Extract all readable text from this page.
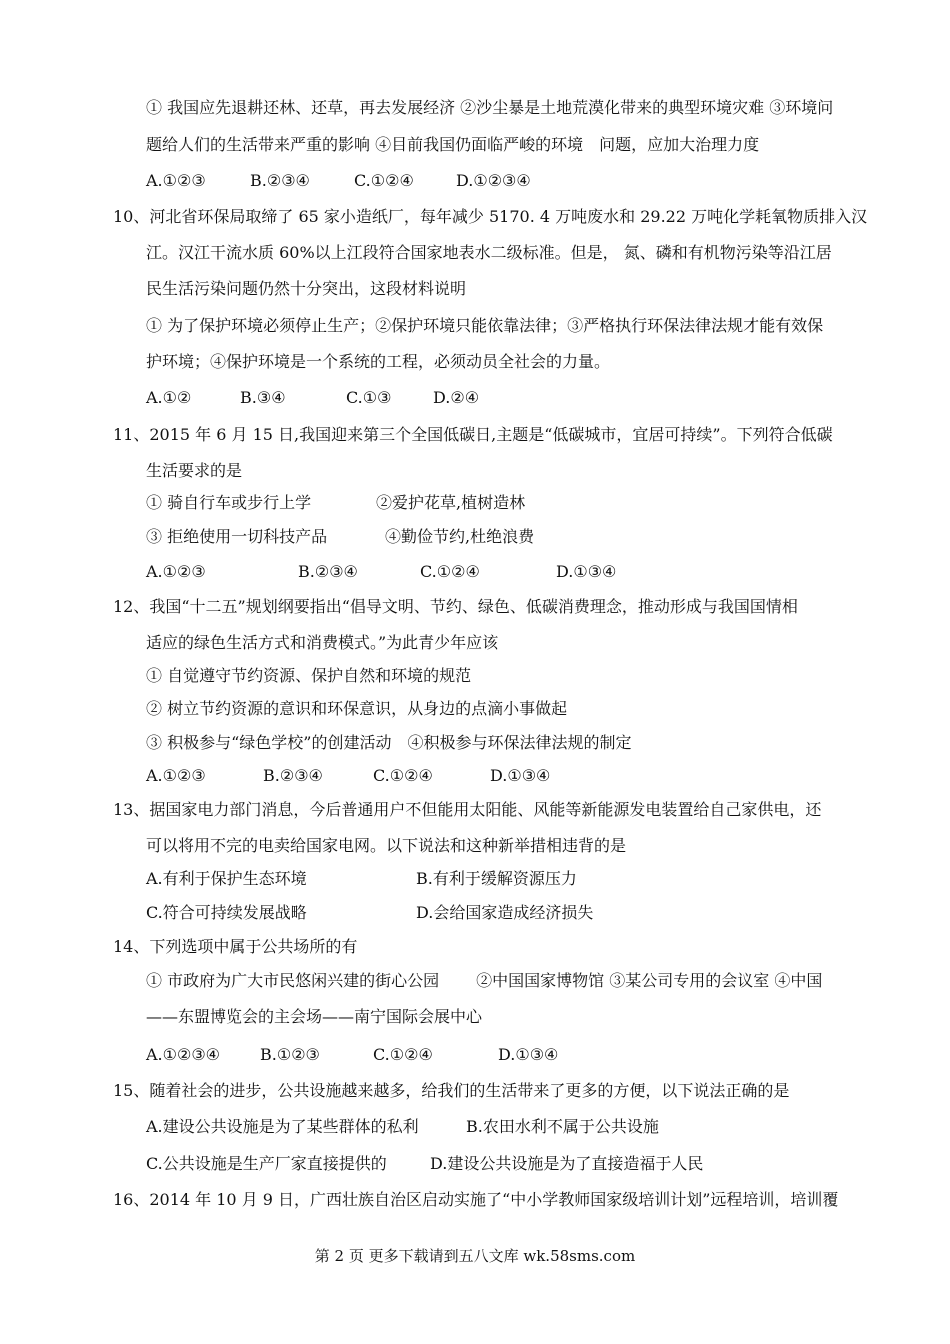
① 我国应先退耕还林、还草，再去发展经济 ②沙尘暴是土地荒漠化带来的典型环境灾难 ③环境问
题给人们的生活带来严重的影响 ④目前我国仍面临严峻的环境　问题，应加大治理力度
A.①②③	B.②③④	C.①②④	D.①②③④
10、河北省环保局取缔了 65 家小造纸厂，每年减少 5170. 4 万吨废水和 29.22 万吨化学耗氧物质排入汉
江。汉江干流水质 60%以上江段符合国家地表水二级标准。但是， 氮、磷和有机物污染等沿江居
民生活污染问题仍然十分突出，这段材料说明
① 为了保护环境必须停止生产；②保护环境只能依靠法律；③严格执行环保法律法规才能有效保
护环境；④保护环境是一个系统的工程，必须动员全社会的力量。
A.①②	B.③④	C.①③	D.②④
11、2015 年 6 月 15 日,我国迎来第三个全国低碳日,主题是“低碳城市，宜居可持续”。下列符合低碳
生活要求的是
① 骑自行车或步行上学	②爱护花草,植树造林
③ 拒绝使用一切科技产品	④勤俭节约,杜绝浪费
A.①②③	B.②③④	C.①②④	D.①③④
12、我国“十二五”规划纲要指出“倡导文明、节约、绿色、低碳消费理念，推动形成与我国国情相
适应的绿色生活方式和消费模式。”为此青少年应该
① 自觉遵守节约资源、保护自然和环境的规范
② 树立节约资源的意识和环保意识，从身边的点滴小事做起
③ 积极参与“绿色学校”的创建活动　④积极参与环保法律法规的制定
A.①②③	B.②③④	C.①②④	D.①③④
13、据国家电力部门消息，今后普通用户不但能用太阳能、风能等新能源发电装置给自己家供电，还
可以将用不完的电卖给国家电网。以下说法和这种新举措相违背的是
A.有利于保护生态环境	B.有利于缓解资源压力
C.符合可持续发展战略	D.会给国家造成经济损失
14、下列选项中属于公共场所的有
① 市政府为广大市民悠闲兴建的街心公园　　 ②中国国家博物馆 ③某公司专用的会议室 ④中国
——东盟博览会的主会场——南宁国际会展中心
A.①②③④ B.①②③	C.①②④	D.①③④
15、随着社会的进步，公共设施越来越多，给我们的生活带来了更多的方便，以下说法正确的是
A.建设公共设施是为了某些群体的私利	B.农田水利不属于公共设施
C.公共设施是生产厂家直接提供的	D.建设公共设施是为了直接造福于人民
16、2014 年 10 月 9 日，广西壮族自治区启动实施了“中小学教师国家级培训计划”远程培训，培训覆
第 2 页 更多下载请到五八文库 wk.58sms.com
